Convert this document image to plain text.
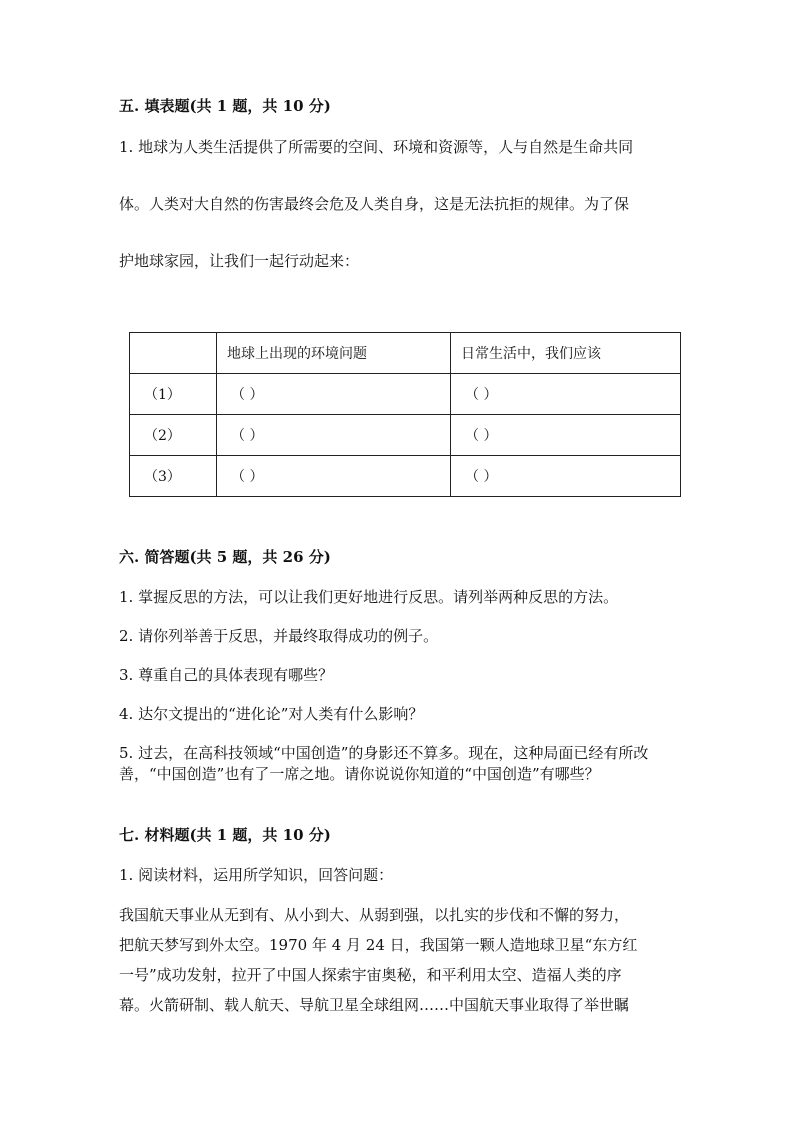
五. 填表题(共 1 题，共 10 分)
1. 地球为人类生活提供了所需要的空间、环境和资源等，人与自然是生命共同
体。人类对大自然的伤害最终会危及人类自身，这是无法抗拒的规律。为了保
护地球家园，让我们一起行动起来：
	地球上出现的环境问题	日常生活中，我们应该
（1）	（ ）	（ ）
（2）	（ ）	（ ）
（3）	（ ）	（ ）
六. 简答题(共 5 题，共 26 分)
1. 掌握反思的方法，可以让我们更好地进行反思。请列举两种反思的方法。
2. 请你列举善于反思，并最终取得成功的例子。
3. 尊重自己的具体表现有哪些？
4. 达尔文提出的“进化论”对人类有什么影响？
5. 过去，在高科技领域“中国创造”的身影还不算多。现在，这种局面已经有所改善，“中国创造”也有了一席之地。请你说说你知道的“中国创造”有哪些？
七. 材料题(共 1 题，共 10 分)
1. 阅读材料，运用所学知识，回答问题：
我国航天事业从无到有、从小到大、从弱到强，以扎实的步伐和不懈的努力，
把航天梦写到外太空。1970 年 4 月 24 日，我国第一颗人造地球卫星“东方红
一号”成功发射，拉开了中国人探索宇宙奥秘，和平利用太空、造福人类的序
幕。火箭研制、载人航天、导航卫星全球组网……中国航天事业取得了举世瞩
